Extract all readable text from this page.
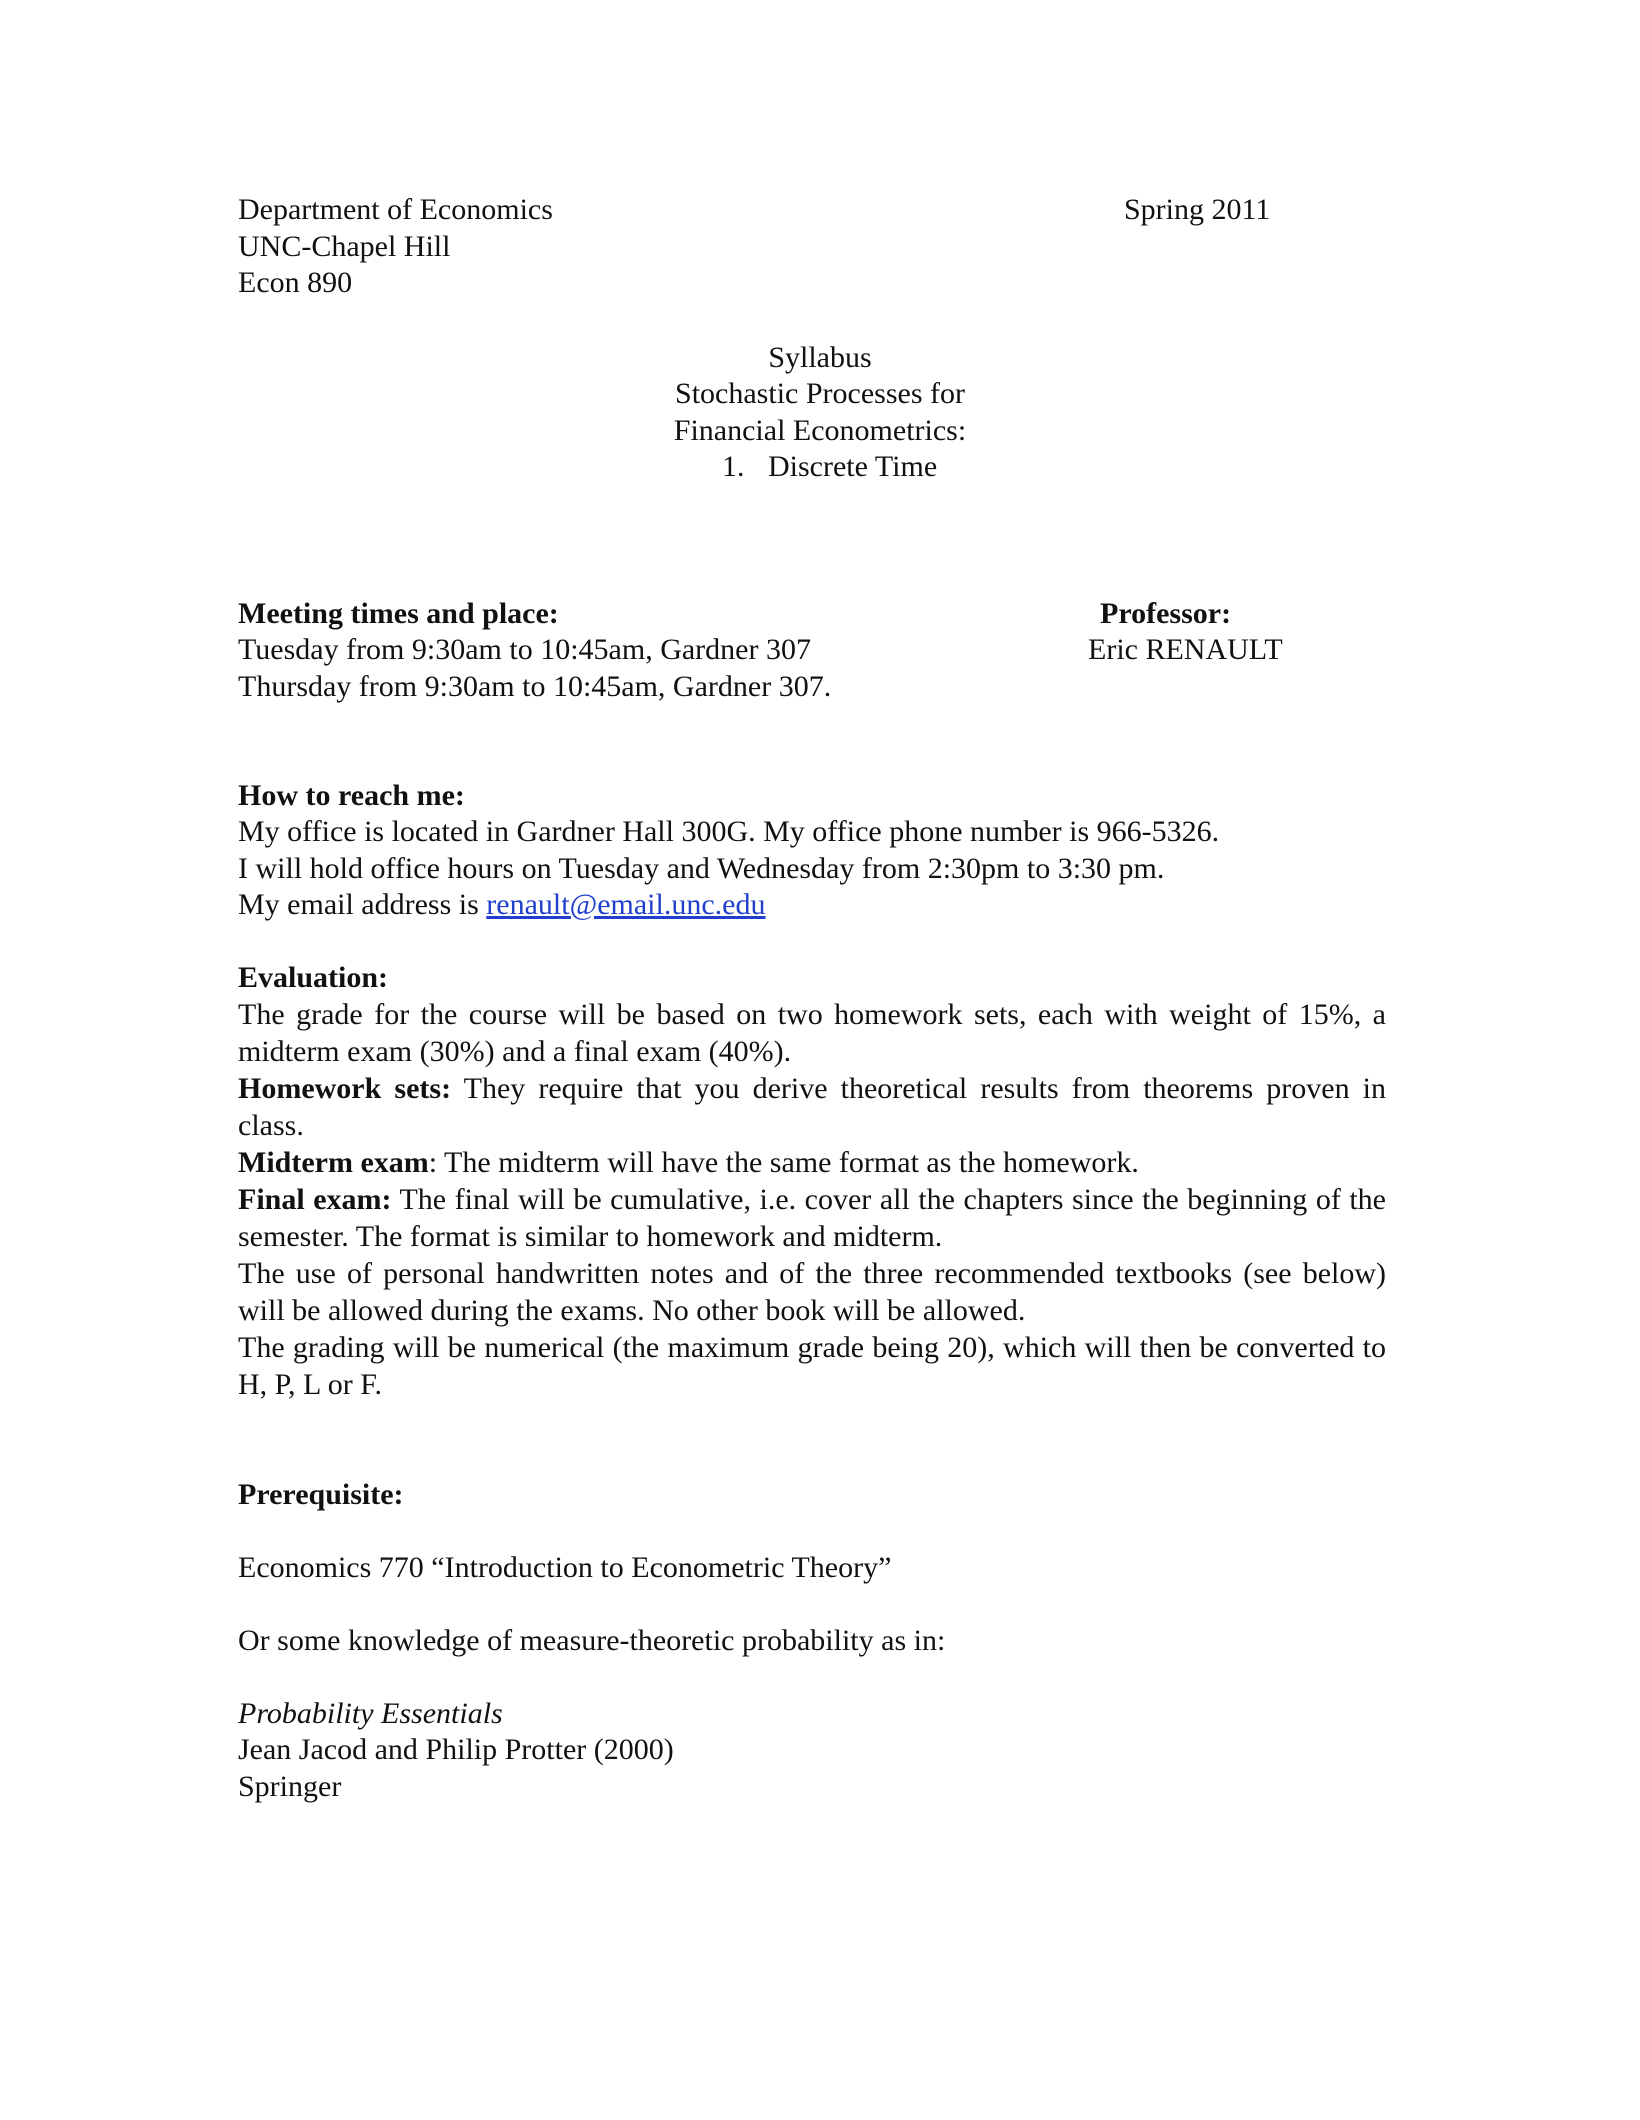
Department of Economics
UNC-Chapel Hill
Econ 890
Spring 2011
Syllabus
Stochastic Processes for
Financial Econometrics:
1. Discrete Time
Meeting times and place:
Tuesday from 9:30am to 10:45am, Gardner 307
Thursday from 9:30am to 10:45am, Gardner 307.
Professor:
Eric RENAULT
How to reach me:
My office is located in Gardner Hall 300G. My office phone number is 966-5326.
I will hold office hours on Tuesday and Wednesday from 2:30pm to 3:30 pm.
My email address is renault@email.unc.edu

Evaluation:

The grade for the course will be based on two homework sets, each with weight of 15%, a midterm exam (30%) and a final exam (40%).

Homework sets: They require that you derive theoretical results from theorems proven in class.

Midterm exam: The midterm will have the same format as the homework.

Final exam: The final will be cumulative, i.e. cover all the chapters since the beginning of the semester. The format is similar to homework and midterm.

The use of personal handwritten notes and of the three recommended textbooks (see below) will be allowed during the exams. No other book will be allowed.

The grading will be numerical (the maximum grade being 20), which will then be converted to H, P, L or F.

Prerequisite:
Economics 770 “Introduction to Econometric Theory”
Or some knowledge of measure-theoretic probability as in:
Probability Essentials
Jean Jacod and Philip Protter (2000)
Springer
